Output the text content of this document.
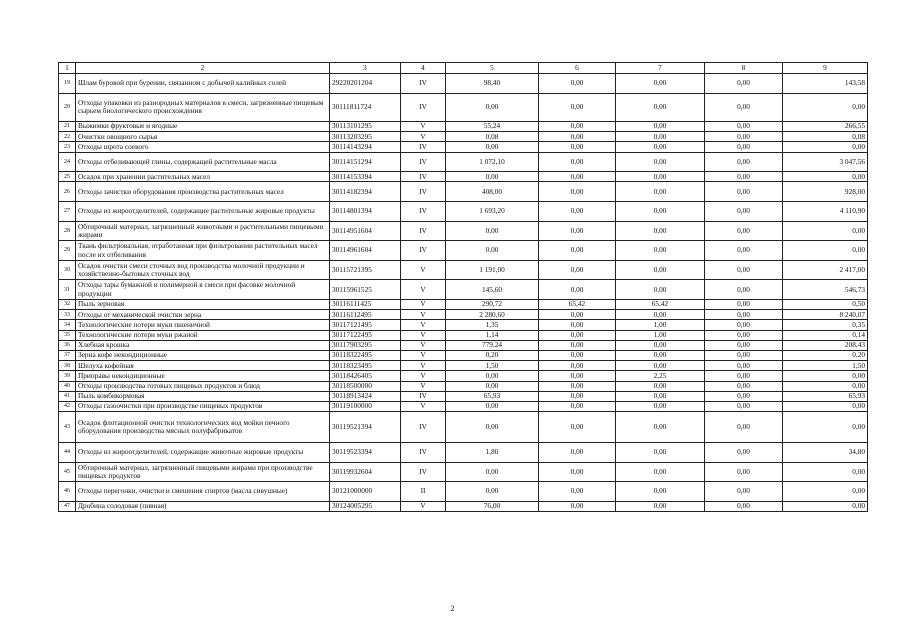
1	2	3	4	5	6	7	8	9
19	Шлам буровой при бурении, связанном с добычей калийных солей	29220201204	IV	98,40	0,00	0,00	0,00	143,58
20	Отходы упаковки из разнородных материалов в смеси, загрязненные пищевым сырьем биологического происхождения	30111811724	IV	0,00	0,00	0,00	0,00	0,00
21	Выжимки фруктовые и ягодные	30113101295	V	55,24	0,00	0,00	0,00	266,55
22	Очистки овощного сырья	30113203295	V	0,08	0,00	0,00	0,00	0,08
23	Отходы шрота соевого	30114143294	IV	0,00	0,00	0,00	0,00	0,00
24	Отходы отбеливающей глины, содержащей растительные масла	30114151294	IV	1 072,10	0,00	0,00	0,00	3 047,56
25	Осадок при хранении растительных масел	30114153394	IV	0,00	0,00	0,00	0,00	0,00
26	Отходы зачистки оборудования производства растительных масел	30114182394	IV	408,00	0,00	0,00	0,00	928,00
27	Отходы из жироотделителей, содержащие растительные жировые продукты	30114801394	IV	1 693,20	0,00	0,00	0,00	4 110,90
28	Обтирочный материал, загрязненный животными и растительными пищевыми жирами	30114951604	IV	0,00	0,00	0,00	0,00	0,00
29	Ткань фильтровальная, отработанная при фильтровании растительных масел после их отбеливания	30114961604	IV	0,00	0,00	0,00	0,00	0,00
30	Осадок очистки смеси сточных вод производства молочной продукции и хозяйственно-бытовых сточных вод	30115721395	V	1 191,00	0,00	0,00	0,00	2 417,00
31	Отходы тары бумажной и полимерной в смеси при фасовке молочной продукции	30115961525	V	145,60	0,00	0,00	0,00	546,73
32	Пыль зерновая	30116111425	V	290,72	65,42	65,42	0,00	0,50
33	Отходы от механической очистки зерна	30116112495	V	2 280,60	0,00	0,00	0,00	8 240,07
34	Технологические потери муки пшеничной	30117121495	V	1,35	0,00	1,00	0,00	0,35
35	Технологические потери муки ржаной	30117122495	V	1,14	0,00	1,00	0,00	0,14
36	Хлебная крошка	30117903295	V	779,24	0,00	0,00	0,00	208,43
37	Зерна кофе некондиционные	30118322495	V	0,20	0,00	0,00	0,00	0,20
38	Шелуха кофейная	30118323495	V	1,50	0,00	0,00	0,00	1,50
39	Приправы некондиционные	30118426405	V	0,00	0,00	2,25	0,00	0,00
40	Отходы производства готовых пищевых продуктов и блюд	30118500000	V	0,00	0,00	0,00	0,00	0,00
41	Пыль комбикормовая	30118913424	IV	65,93	0,00	0,00	0,00	65,93
42	Отходы газоочистки при производстве пищевых продуктов	30119100000	V	0,00	0,00	0,00	0,00	0,00
43	Осадок флотационной очистки технологических вод мойки печного оборудования производства мясных полуфабрикатов	30119521394	IV	0,00	0,00	0,00	0,00	0,00
44	Отходы из жироотделителей, содержащие животные жировые продукты	30119523394	IV	1,80	0,00	0,00	0,00	34,80
45	Обтирочный материал, загрязненный пищевыми жирами при производстве пищевых продуктов	30119932604	IV	0,00	0,00	0,00	0,00	0,00
46	Отходы перегонки, очистки и смешения спиртов (масла сивушные)	30121000000	II	0,00	0,00	0,00	0,00	0,00
47	Дробина солодовая (пивная)	30124005295	V	76,00	0,00	0,00	0,00	0,00
2
